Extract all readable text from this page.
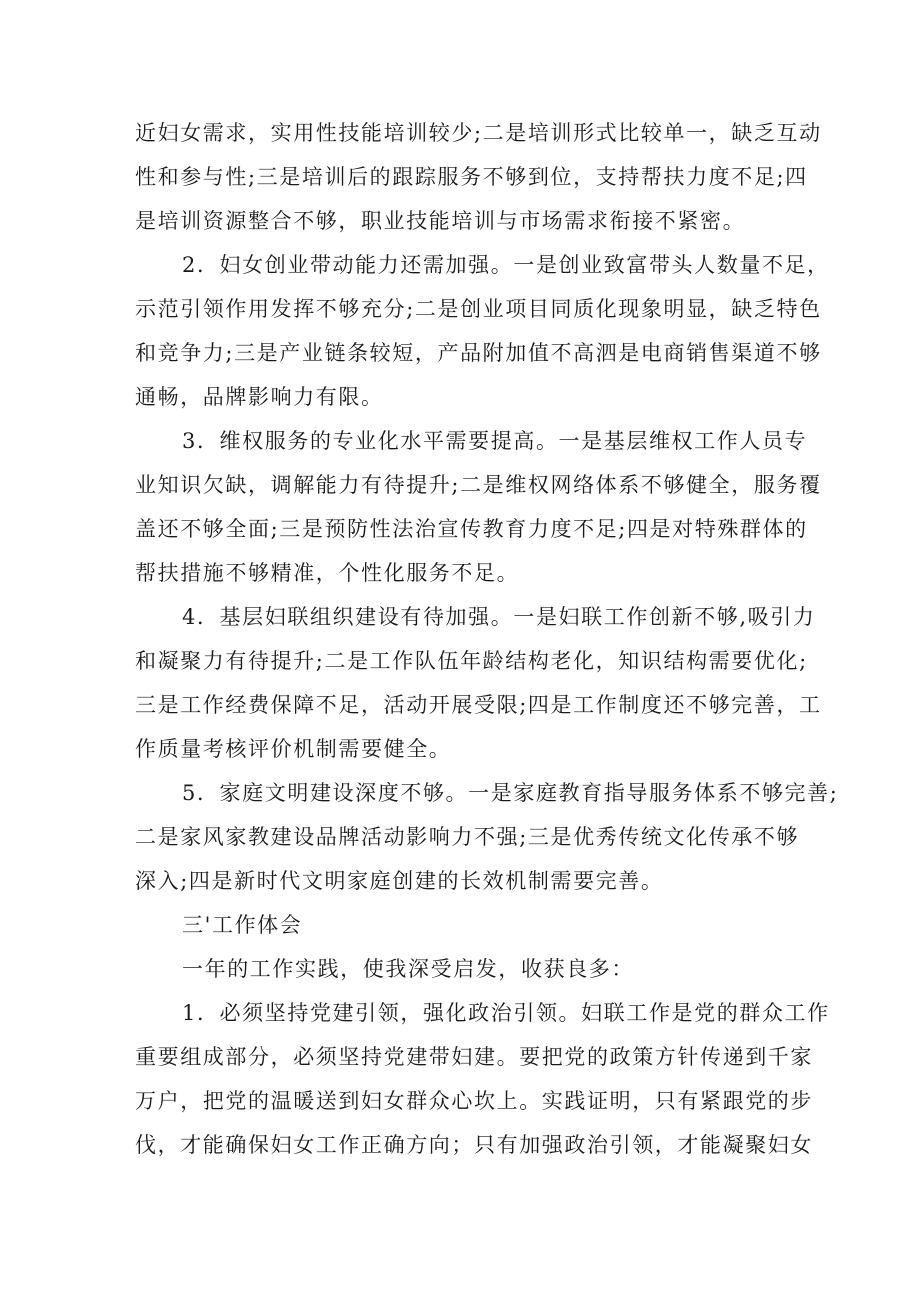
近妇女需求，实用性技能培训较少;二是培训形式比较单一，缺乏互动
性和参与性;三是培训后的跟踪服务不够到位，支持帮扶力度不足;四
是培训资源整合不够，职业技能培训与市场需求衔接不紧密。
2．妇女创业带动能力还需加强。一是创业致富带头人数量不足，
示范引领作用发挥不够充分;二是创业项目同质化现象明显，缺乏特色
和竞争力;三是产业链条较短，产品附加值不高泗是电商销售渠道不够
通畅，品牌影响力有限。
3．维权服务的专业化水平需要提高。一是基层维权工作人员专
业知识欠缺，调解能力有待提升;二是维权网络体系不够健全，服务覆
盖还不够全面;三是预防性法治宣传教育力度不足;四是对特殊群体的
帮扶措施不够精准，个性化服务不足。
4．基层妇联组织建设有待加强。一是妇联工作创新不够,吸引力
和凝聚力有待提升;二是工作队伍年龄结构老化，知识结构需要优化;
三是工作经费保障不足，活动开展受限;四是工作制度还不够完善，工
作质量考核评价机制需要健全。
5．家庭文明建设深度不够。一是家庭教育指导服务体系不够完善;
二是家风家教建设品牌活动影响力不强;三是优秀传统文化传承不够
深入;四是新时代文明家庭创建的长效机制需要完善。
三'工作体会
一年的工作实践，使我深受启发，收获良多：
1．必须坚持党建引领，强化政治引领。妇联工作是党的群众工作
重要组成部分，必须坚持党建带妇建。要把党的政策方针传递到千家
万户，把党的温暖送到妇女群众心坎上。实践证明，只有紧跟党的步
伐，才能确保妇女工作正确方向；只有加强政治引领，才能凝聚妇女
